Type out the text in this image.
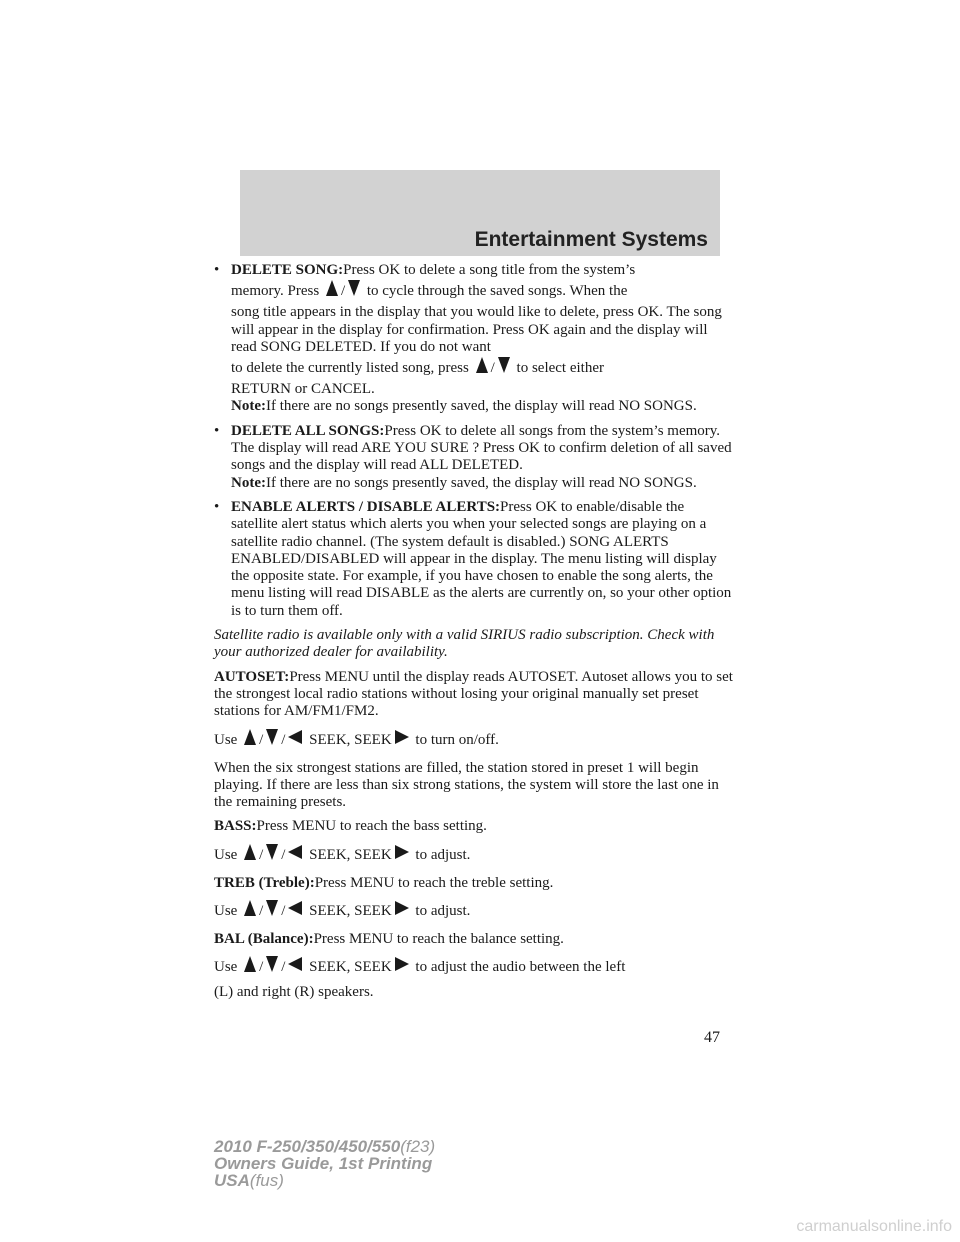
Entertainment Systems
• DELETE SONG:Press OK to delete a song title from the system’s
memory. Press / to cycle through the saved songs. When the
song title appears in the display that you would like to delete, press OK. The song will appear in the display for confirmation. Press OK again and the display will read SONG DELETED. If you do not want
to delete the currently listed song, press / to select either
RETURN or CANCEL.
Note:If there are no songs presently saved, the display will read NO SONGS.
• DELETE ALL SONGS:Press OK to delete all songs from the system’s memory. The display will read ARE YOU SURE ? Press OK to confirm deletion of all saved songs and the display will read ALL DELETED.
Note:If there are no songs presently saved, the display will read NO SONGS.
• ENABLE ALERTS / DISABLE ALERTS:Press OK to enable/disable the satellite alert status which alerts you when your selected songs are playing on a satellite radio channel. (The system default is disabled.) SONG ALERTS ENABLED/DISABLED will appear in the display. The menu listing will display the opposite state. For example, if you have chosen to enable the song alerts, the menu listing will read DISABLE as the alerts are currently on, so your other option is to turn them off.

Satellite radio is available only with a valid SIRIUS radio subscription. Check with your authorized dealer for availability.

AUTOSET:Press MENU until the display reads AUTOSET. Autoset allows you to set the strongest local radio stations without losing your original manually set preset stations for AM/FM1/FM2.

Use / / SEEK, SEEK to turn on/off.

When the six strongest stations are filled, the station stored in preset 1 will begin playing. If there are less than six strong stations, the system will store the last one in the remaining presets.

BASS:Press MENU to reach the bass setting.

Use / / SEEK, SEEK to adjust.

TREB (Treble):Press MENU to reach the treble setting.

Use / / SEEK, SEEK to adjust.

BAL (Balance):Press MENU to reach the balance setting.

Use / / SEEK, SEEK to adjust the audio between the left
(L) and right (R) speakers.
47
2010 F-250/350/450/550(f23)
Owners Guide, 1st Printing
USA(fus)
carmanualsonline.info
